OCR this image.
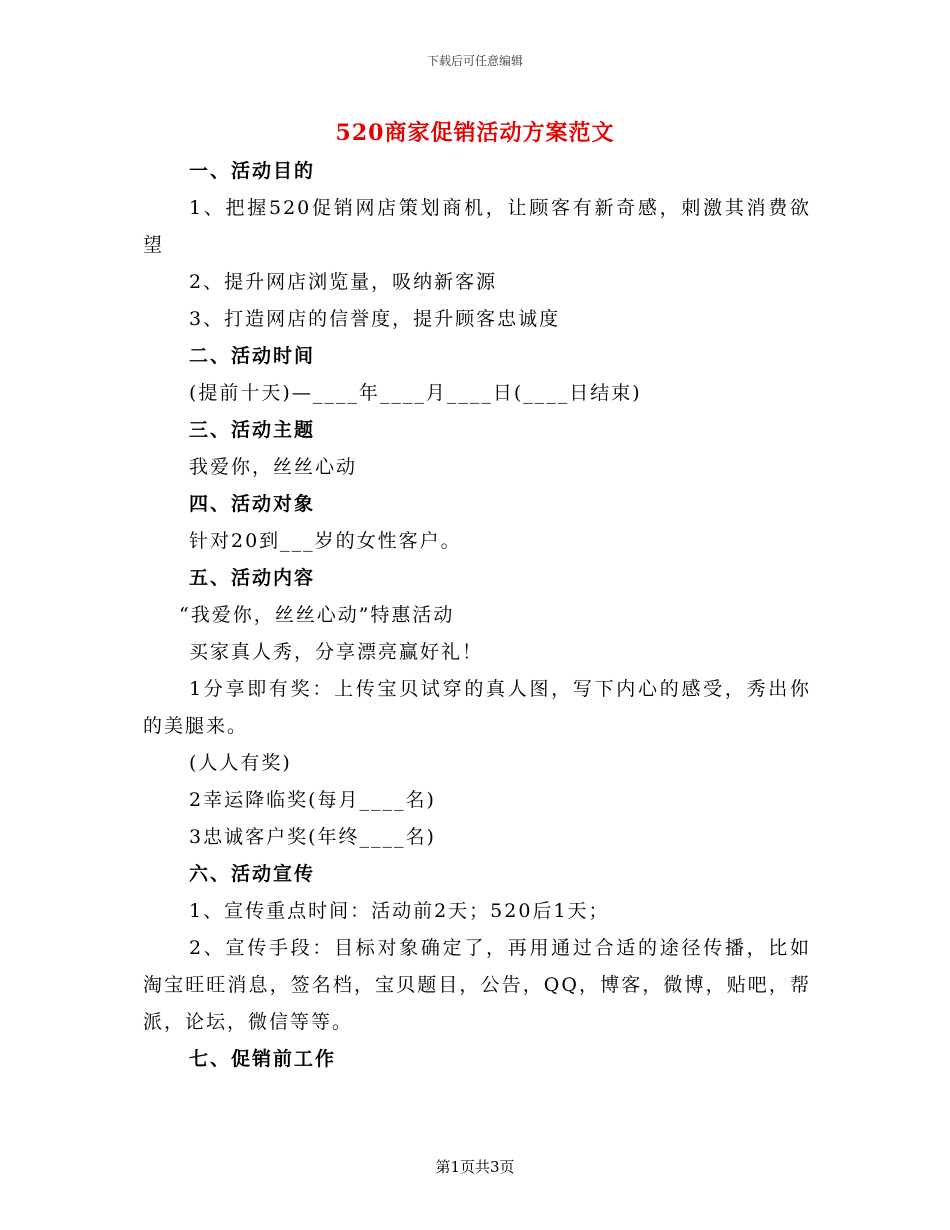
下载后可任意编辑
520商家促销活动方案范文
一、活动目的
1、把握520促销网店策划商机，让顾客有新奇感，刺激其消费欲望
2、提升网店浏览量，吸纳新客源
3、打造网店的信誉度，提升顾客忠诚度
二、活动时间
(提前十天)—____年____月____日(____日结束)
三、活动主题
我爱你，丝丝心动
四、活动对象
针对20到___岁的女性客户。
五、活动内容
“我爱你，丝丝心动”特惠活动
买家真人秀，分享漂亮赢好礼！
1分享即有奖：上传宝贝试穿的真人图，写下内心的感受，秀出你的美腿来。
(人人有奖)
2幸运降临奖(每月____名)
3忠诚客户奖(年终____名)
六、活动宣传
1、宣传重点时间：活动前2天；520后1天；
2、宣传手段：目标对象确定了，再用通过合适的途径传播，比如淘宝旺旺消息，签名档，宝贝题目，公告，QQ，博客，微博，贴吧，帮派，论坛，微信等等。
七、促销前工作
第1页共3页
